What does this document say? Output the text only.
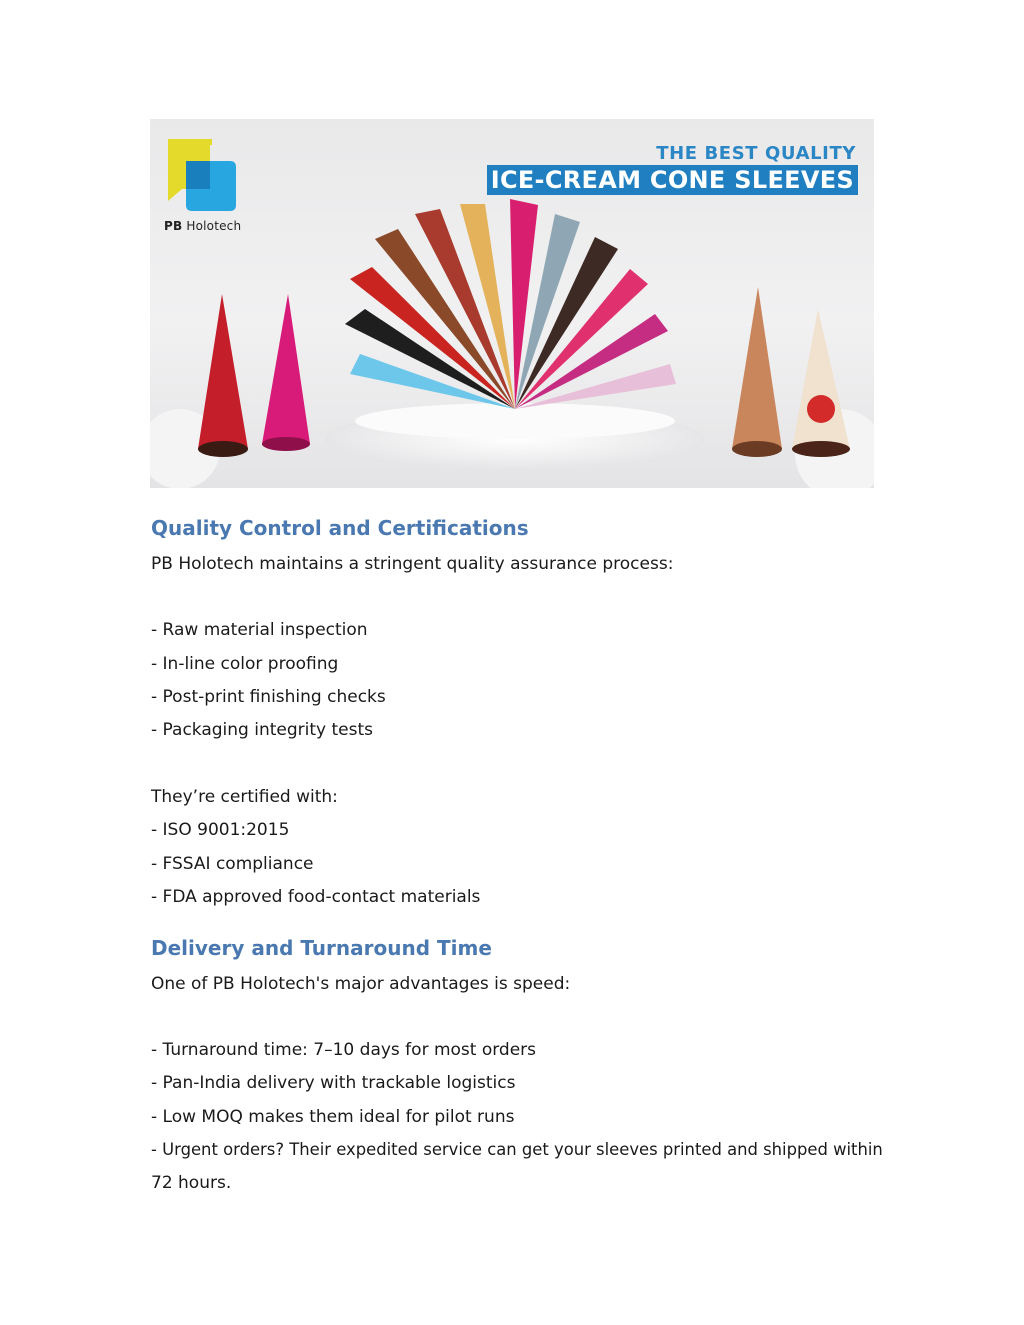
PB Holotech
THE BEST QUALITY
ICE-CREAM CONE SLEEVES
Quality Control and Certifications
PB Holotech maintains a stringent quality assurance process:
- Raw material inspection
- In-line color proofing
- Post-print finishing checks
- Packaging integrity tests
They’re certified with:
- ISO 9001:2015
- FSSAI compliance
- FDA approved food-contact materials
Delivery and Turnaround Time
One of PB Holotech's major advantages is speed:
- Turnaround time: 7–10 days for most orders
- Pan-India delivery with trackable logistics
- Low MOQ makes them ideal for pilot runs
- Urgent orders? Their expedited service can get your sleeves printed and shipped within
72 hours.
